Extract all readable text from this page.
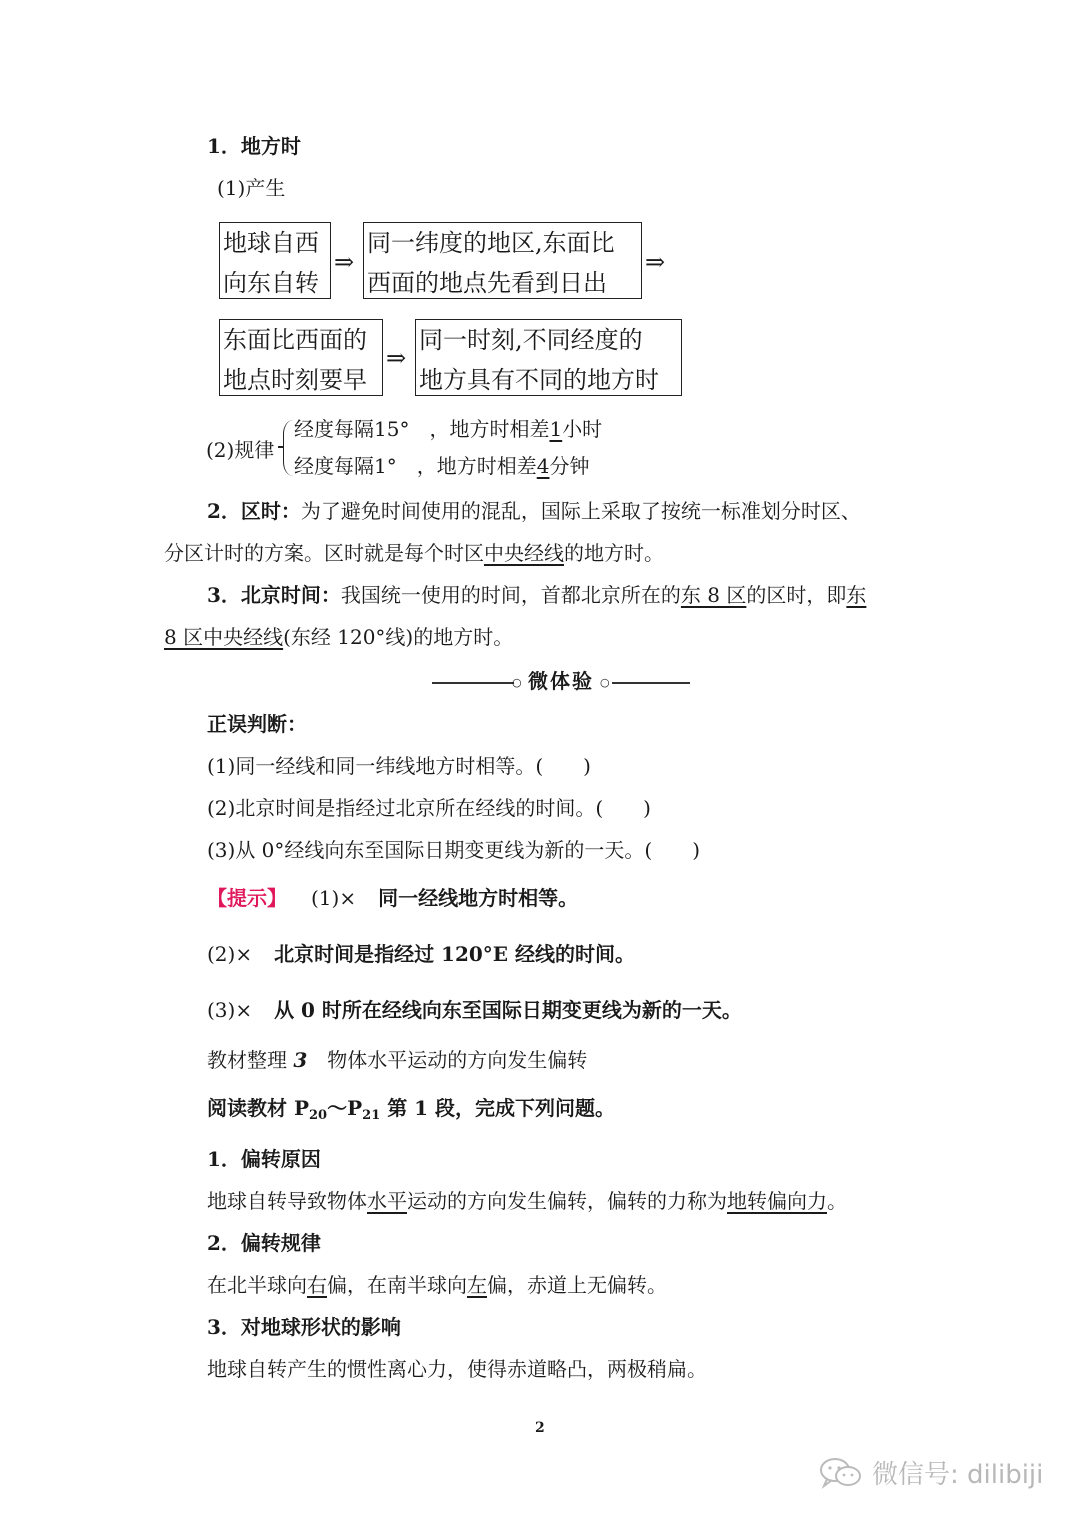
1．地方时
(1)产生
地球自西
向东自转
⇒
同一纬度的地区,东面比
西面的地点先看到日出
⇒
东面比西面的
地点时刻要早
⇒
同一时刻,不同经度的
地方具有不同的地方时
(2)规律
经度每隔15°　，地方时相差1小时
经度每隔1°　，地方时相差4分钟
2．区时：为了避免时间使用的混乱，国际上采取了按统一标准划分时区、
分区计时的方案。区时就是每个时区中央经线的地方时。
3．北京时间：我国统一使用的时间，首都北京所在的东 8 区的区时，即东
8 区中央经线(东经 120°线)的地方时。
○ 微体验 ○
正误判断：
(1)同一经线和同一纬线地方时相等。(　　)
(2)北京时间是指经过北京所在经线的时间。(　　)
(3)从 0°经线向东至国际日期变更线为新的一天。(　　)
【提示】 (1)× 同一经线地方时相等。
(2)× 北京时间是指经过 120°E 经线的时间。
(3)× 从 0 时所在经线向东至国际日期变更线为新的一天。
教材整理 3　物体水平运动的方向发生偏转
阅读教材 $P_{20}\sim P_{21}$ 第 1 段，完成下列问题。
1．偏转原因
地球自转导致物体水平运动的方向发生偏转，偏转的力称为地转偏向力。
2．偏转规律
在北半球向右偏，在南半球向左偏，赤道上无偏转。
3．对地球形状的影响
地球自转产生的惯性离心力，使得赤道略凸，两极稍扁。
2
微信号: dilibiji
